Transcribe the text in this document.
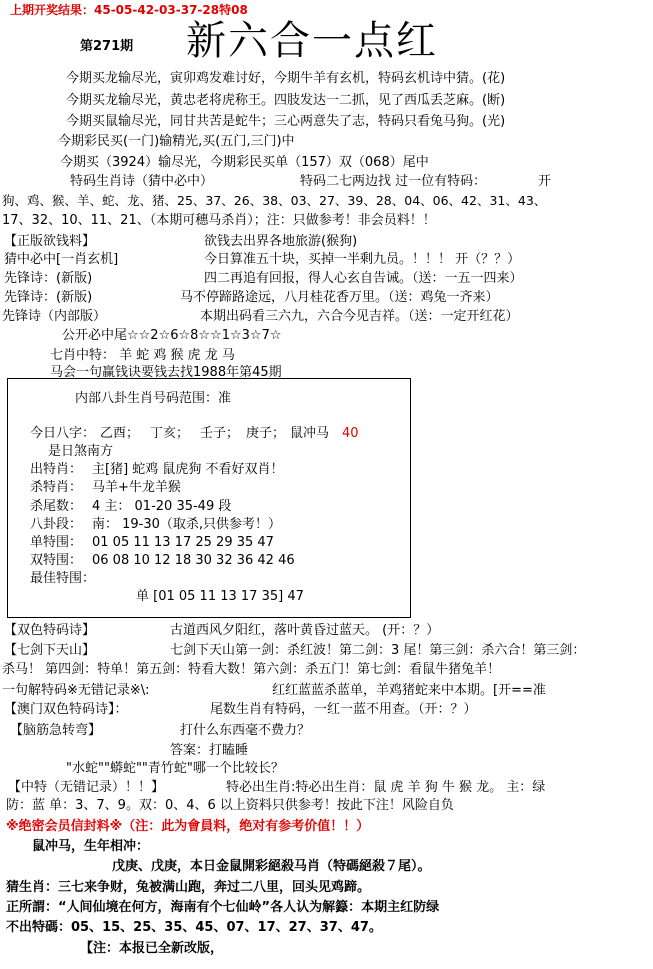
上期开奖结果：45-05-42-03-37-28特08
第271期 新六合一点红
今期买龙输尽光，寅卯鸡发难讨好，今期牛羊有玄机，特码玄机诗中猜。(花)
今期买龙输尽光，黄忠老将虎称王。四肢发达一二抓，见了西瓜丢芝麻。(断)
今期买鼠输尽光，同甘共苦是蛇牛；三心两意失了志，特码只看兔马狗。(光)
今期彩民买(一门)输精光,买(五门,三门)中
今期买（3924）输尽光，今期彩民买单（157）双（068）尾中
特码生肖诗（猜中必中）	特码二七两边找 过一位有特码：	开
狗、鸡、猴、羊、蛇、龙、猪、25、37、26、38、03、27、39、28、04、06、42、31、43、
17、32、10、11、21、（本期可穗马杀肖）；注：只做参考！非会员料！！
【正版欲钱料】	欲钱去出界各地旅游(猴狗)
猜中必中[一肖玄机]	今日算准五十块，买掉一半剩九员。！！！ 开（？？）
先锋诗：(新版)	四二再追有回报，得人心玄自告诫。（送：一五一四来）
先锋诗：(新版)	马不停蹄路途远，八月桂花香万里。（送：鸡兔一齐来）
先锋诗（内部版）	本期出码看三六九，六合今见吉祥。（送：一定开红花）
公开必中尾☆☆2☆6☆8☆☆1☆3☆7☆
七肖中特： 羊 蛇 鸡 猴 虎 龙 马
马会一句赢钱诀要钱去找1988年第45期
内部八卦生肖号码范围：准
今日八字： 乙酉； 丁亥； 壬子； 庚子； 鼠冲马 40
是日煞南方
出特肖： 主[猪] 蛇鸡 鼠虎狗 不看好双肖！
杀特肖： 马羊+牛龙羊猴
杀尾数： 4 主： 01-20 35-49 段
八卦段： 南： 19-30（取杀,只供参考！）
单特围： 01 05 11 13 17 25 29 35 47
双特围： 06 08 10 12 18 30 32 36 42 46
最佳特围：
单 [01 05 11 13 17 35] 47
【双色特码诗】	古道西风夕阳红，落叶黄昏过蓝天。 (开：？）
【七剑下天山】	七剑下天山第一剑：杀红波！第二剑：3 尾！第三剑：杀六合！第三剑：
杀马！ 第四剑：特单！第五剑：特看大数！第六剑：杀五门！第七剑：看鼠牛猪兔羊！
一句解特码※无错记录※\:	红红蓝蓝杀蓝单，羊鸡猪蛇来中本期。[开==准
【澳门双色特码诗】：	尾数生肖有特码，一红一蓝不用查。（开：？）
【脑筋急转弯】	打什么东西毫不费力？
答案：打瞌睡
"水蛇""蟒蛇""青竹蛇"哪一个比较长？
【中特（无错记录）！！】	特必出生肖:特必出生肖：鼠 虎 羊 狗 牛 猴 龙。 主：绿
防：蓝 单：3、7、9。双：0、4、6 以上资料只供参考！按此下注！风险自负
※绝密会员信封料※（注：此为會員料，绝对有参考价值！！）
鼠冲马，生年相冲：
戊庚、戊庚，本日金鼠開彩絕殺马肖（特碼絕殺７尾）。
猜生肖：三七来争财，兔被满山跑，奔过二八里，回头见鸡蹄。
正所謂：“人间仙境在何方，海南有个七仙岭”各人认为解籙：本期主红防绿
不出特碼：05、15、25、35、45、07、17、27、37、47。
【注：本报已全新改版，
